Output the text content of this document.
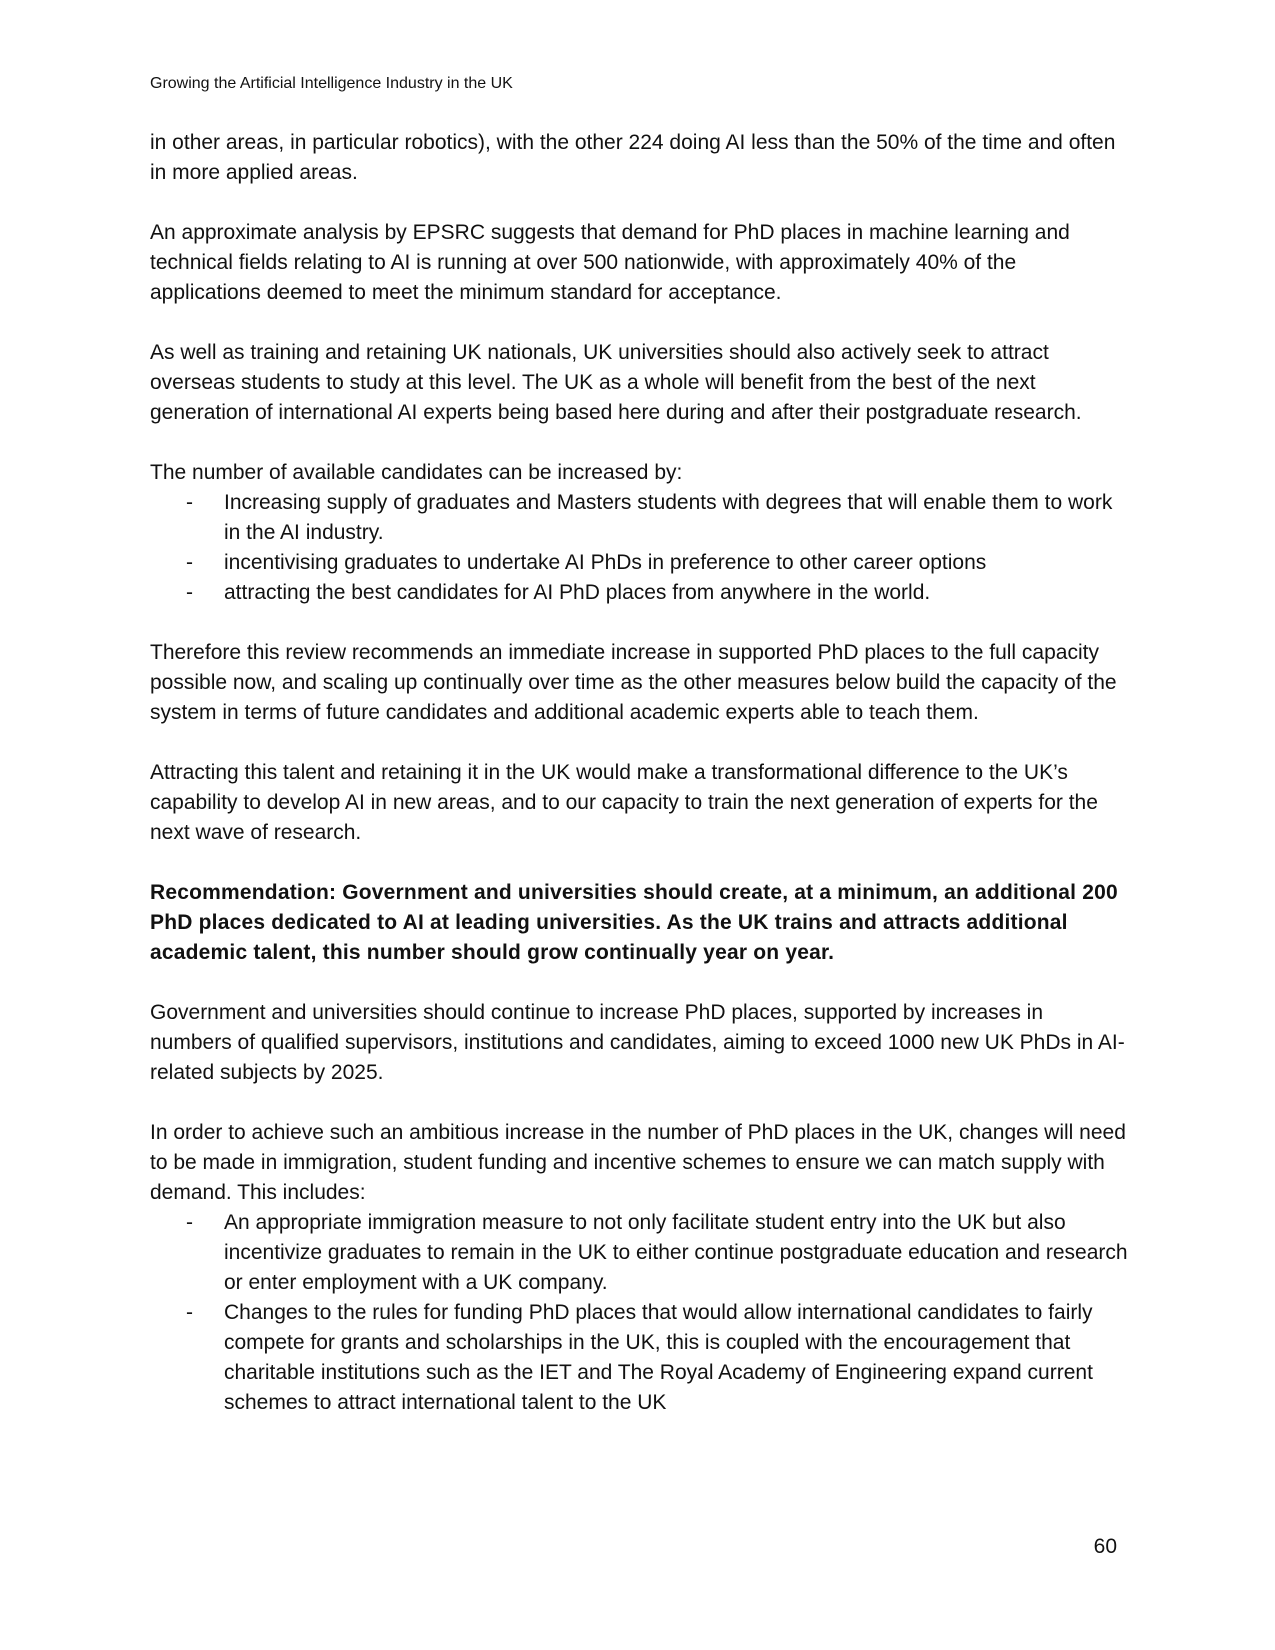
Growing the Artificial Intelligence Industry in the UK

in other areas, in particular robotics), with the other 224 doing AI less than the 50% of the time and often in more applied areas.

An approximate analysis by EPSRC suggests that demand for PhD places in machine learning and technical fields relating to AI is running at over 500 nationwide, with approximately 40% of the applications deemed to meet the minimum standard for acceptance.

As well as training and retaining UK nationals, UK universities should also actively seek to attract overseas students to study at this level. The UK as a whole will benefit from the best of the next generation of international AI experts being based here during and after their postgraduate research.

The number of available candidates can be increased by:

- Increasing supply of graduates and Masters students with degrees that will enable them to work in the AI industry.
- incentivising graduates to undertake AI PhDs in preference to other career options
- attracting the best candidates for AI PhD places from anywhere in the world.

Therefore this review recommends an immediate increase in supported PhD places to the full capacity possible now, and scaling up continually over time as the other measures below build the capacity of the system in terms of future candidates and additional academic experts able to teach them.

Attracting this talent and retaining it in the UK would make a transformational difference to the UK’s capability to develop AI in new areas, and to our capacity to train the next generation of experts for the next wave of research.

Recommendation: Government and universities should create, at a minimum, an additional 200 PhD places dedicated to AI at leading universities. As the UK trains and attracts additional academic talent, this number should grow continually year on year.

Government and universities should continue to increase PhD places, supported by increases in numbers of qualified supervisors, institutions and candidates, aiming to exceed 1000 new UK PhDs in AI-related subjects by 2025.

In order to achieve such an ambitious increase in the number of PhD places in the UK, changes will need to be made in immigration, student funding and incentive schemes to ensure we can match supply with demand. This includes:

- An appropriate immigration measure to not only facilitate student entry into the UK but also incentivize graduates to remain in the UK to either continue postgraduate education and research or enter employment with a UK company.
- Changes to the rules for funding PhD places that would allow international candidates to fairly compete for grants and scholarships in the UK, this is coupled with the encouragement that charitable institutions such as the IET and The Royal Academy of Engineering expand current schemes to attract international talent to the UK
60
